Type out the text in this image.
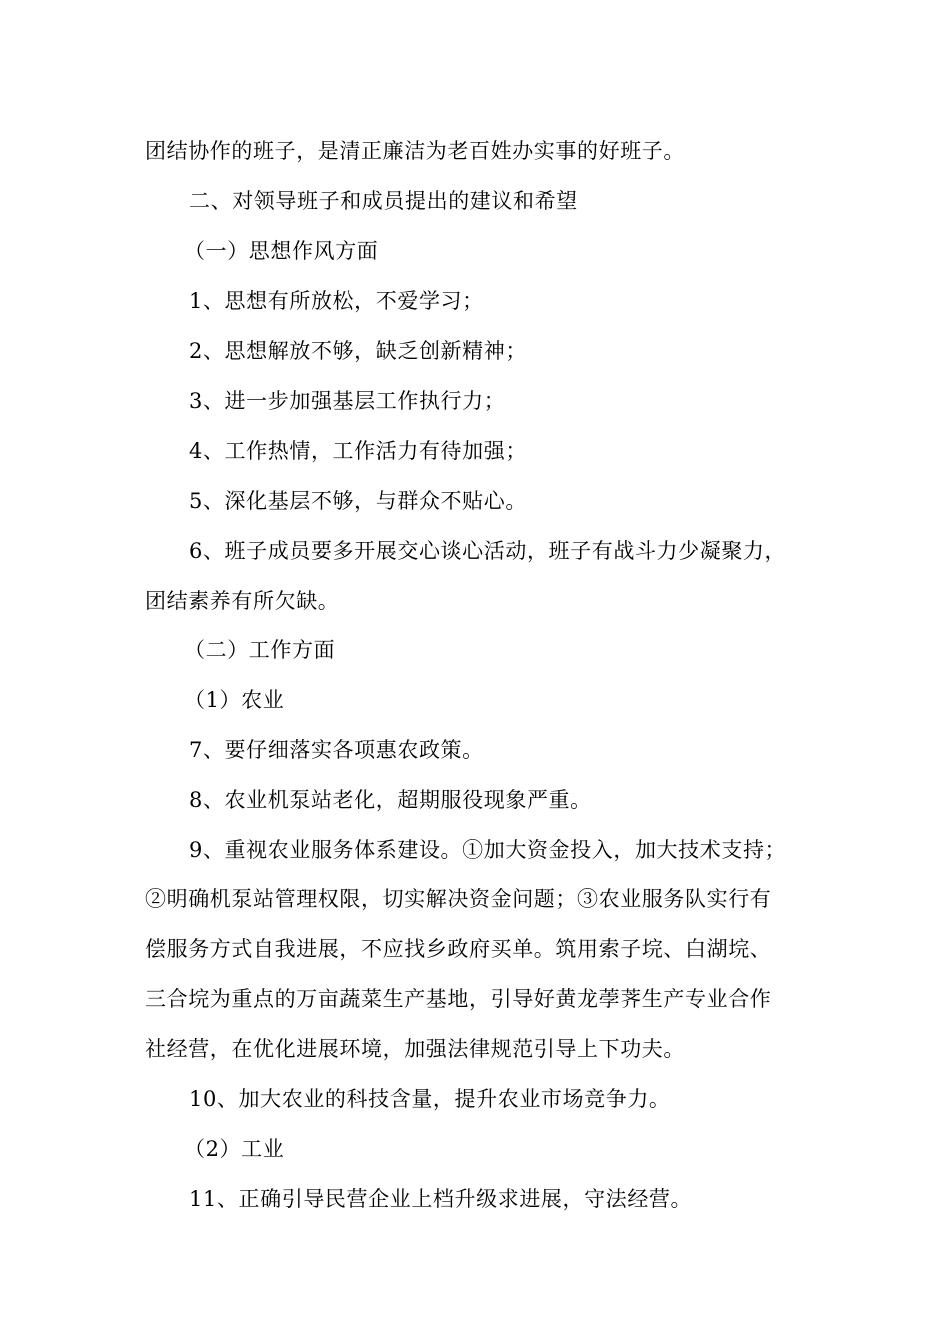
团结协作的班子，是清正廉洁为老百姓办实事的好班子。
二、对领导班子和成员提出的建议和希望
（一）思想作风方面
1、思想有所放松，不爱学习；
2、思想解放不够，缺乏创新精神；
3、进一步加强基层工作执行力；
4、工作热情，工作活力有待加强；
5、深化基层不够，与群众不贴心。
6、班子成员要多开展交心谈心活动，班子有战斗力少凝聚力，
团结素养有所欠缺。
（二）工作方面
（1）农业
7、要仔细落实各项惠农政策。
8、农业机泵站老化，超期服役现象严重。
9、重视农业服务体系建设。①加大资金投入，加大技术支持；
②明确机泵站管理权限，切实解决资金问题；③农业服务队实行有
偿服务方式自我进展，不应找乡政府买单。筑用索子垸、白湖垸、
三合垸为重点的万亩蔬菜生产基地，引导好黄龙荸荠生产专业合作
社经营，在优化进展环境，加强法律规范引导上下功夫。
10、加大农业的科技含量，提升农业市场竞争力。
（2）工业
11、正确引导民营企业上档升级求进展，守法经营。
